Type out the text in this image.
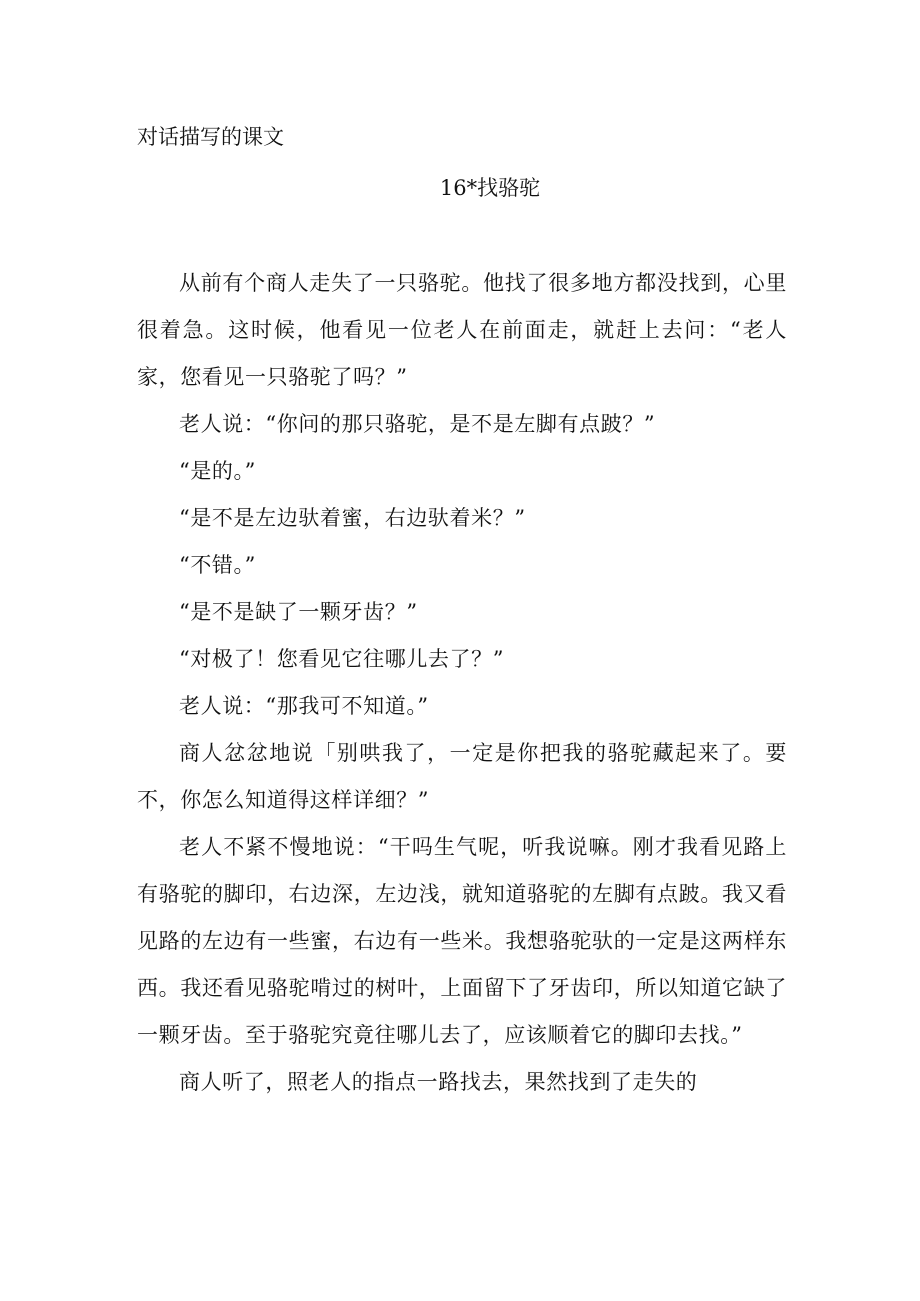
对话描写的课文
16*找骆驼

从前有个商人走失了一只骆驼。他找了很多地方都没找到，心里很着急。这时候，他看见一位老人在前面走，就赶上去问：“老人家，您看见一只骆驼了吗？”

老人说：“你问的那只骆驼，是不是左脚有点跛？”

“是的。”

“是不是左边驮着蜜，右边驮着米？”

“不错。”

“是不是缺了一颗牙齿？”

“对极了！您看见它往哪儿去了？”

老人说：“那我可不知道。”

商人忿忿地说「别哄我了，一定是你把我的骆驼藏起来了。要不，你怎么知道得这样详细？”

老人不紧不慢地说：“干吗生气呢，听我说嘛。刚才我看见路上有骆驼的脚印，右边深，左边浅，就知道骆驼的左脚有点跛。我又看见路的左边有一些蜜，右边有一些米。我想骆驼驮的一定是这两样东西。我还看见骆驼啃过的树叶，上面留下了牙齿印，所以知道它缺了一颗牙齿。至于骆驼究竟往哪儿去了，应该顺着它的脚印去找。”

商人听了，照老人的指点一路找去，果然找到了走失的
